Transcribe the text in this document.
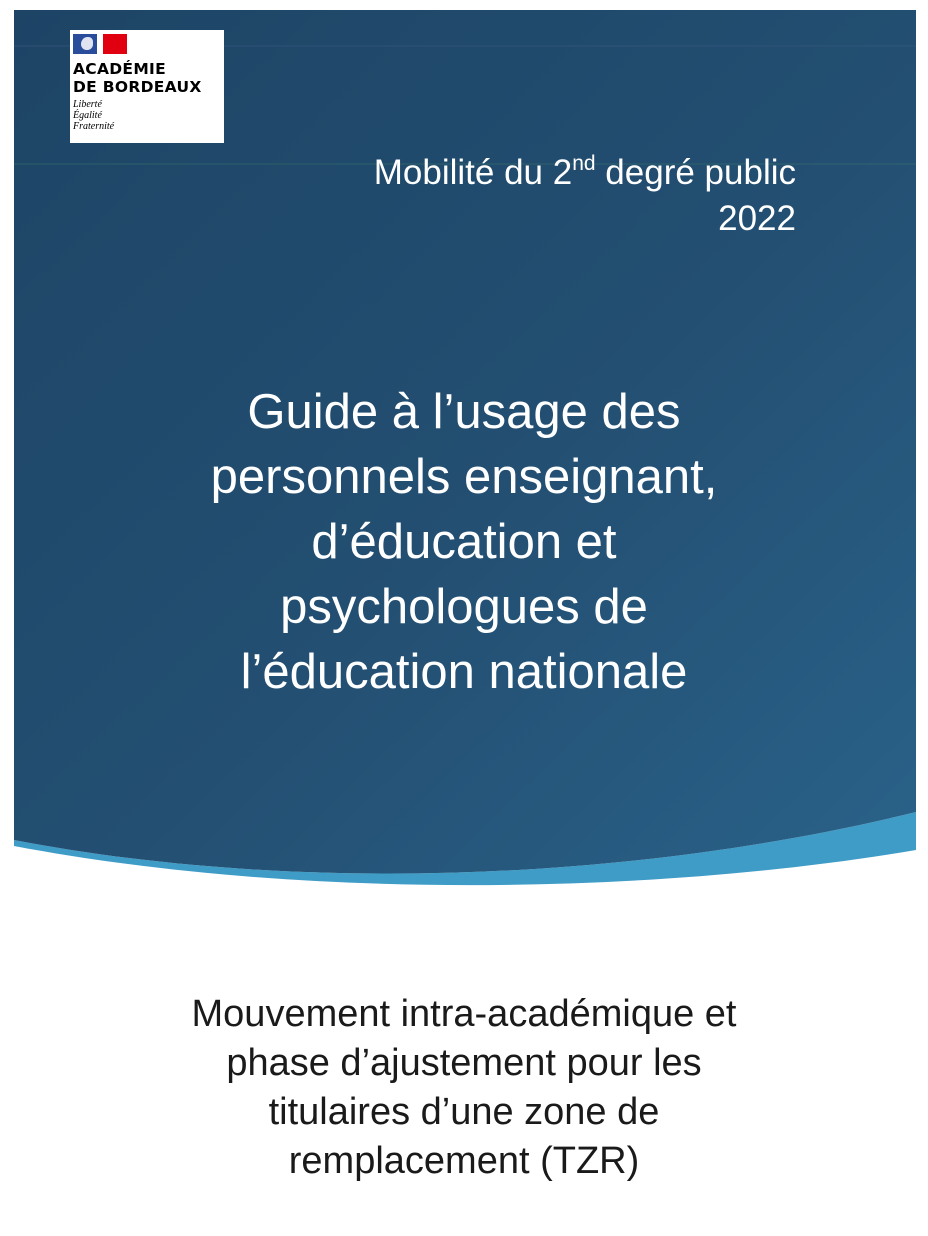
ACADÉMIE
DE BORDEAUX
Liberté
Égalité
Fraternité
Mobilité du 2nd degré public
2022
Guide à l’usage des
personnels enseignant,
d’éducation et
psychologues de
l’éducation nationale
Mouvement intra-académique et
phase d’ajustement pour les
titulaires d’une zone de
remplacement (TZR)
